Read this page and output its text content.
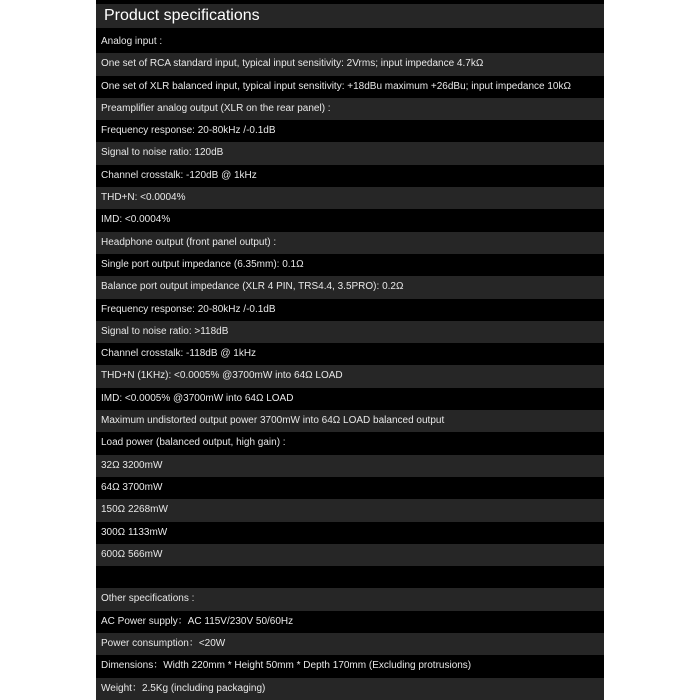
Product specifications
Analog input :
One set of RCA standard input, typical input sensitivity: 2Vrms; input impedance 4.7kΩ
One set of XLR balanced input, typical input sensitivity: +18dBu maximum +26dBu; input impedance 10kΩ
Preamplifier analog output (XLR on the rear panel) :
Frequency response: 20-80kHz /-0.1dB
Signal to noise ratio: 120dB
Channel crosstalk: -120dB @ 1kHz
THD+N: <0.0004%
IMD: <0.0004%
Headphone output (front panel output) :
Single port output impedance (6.35mm): 0.1Ω
Balance port output impedance (XLR 4 PIN, TRS4.4, 3.5PRO): 0.2Ω
Frequency response: 20-80kHz /-0.1dB
Signal to noise ratio: >118dB
Channel crosstalk: -118dB @ 1kHz
THD+N (1KHz): <0.0005% @3700mW into 64Ω LOAD
IMD: <0.0005% @3700mW into 64Ω LOAD
Maximum undistorted output power 3700mW into 64Ω LOAD balanced output
Load power (balanced output, high gain) :
32Ω 3200mW
64Ω 3700mW
150Ω 2268mW
300Ω 1133mW
600Ω 566mW
Other specifications :
AC Power supply：AC 115V/230V 50/60Hz
Power consumption：<20W
Dimensions：Width 220mm * Height 50mm * Depth 170mm (Excluding protrusions)
Weight：2.5Kg (including packaging)
